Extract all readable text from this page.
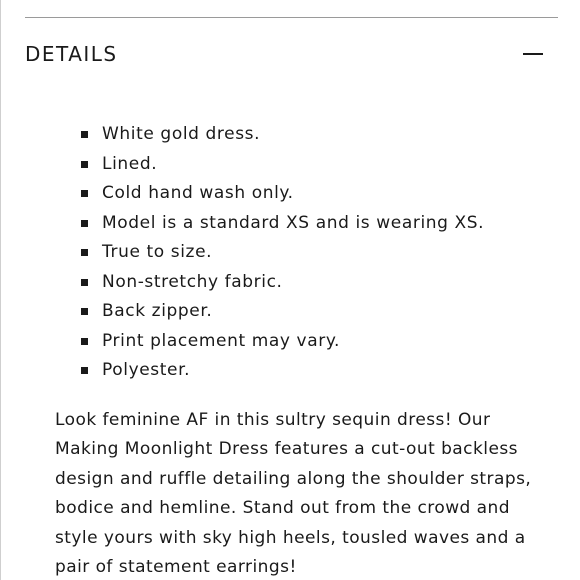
DETAILS
White gold dress.
Lined.
Cold hand wash only.
Model is a standard XS and is wearing XS.
True to size.
Non-stretchy fabric.
Back zipper.
Print placement may vary.
Polyester.

Look feminine AF in this sultry sequin dress! Our Making Moonlight Dress features a cut-out backless design and ruffle detailing along the shoulder straps, bodice and hemline. Stand out from the crowd and style yours with sky high heels, tousled waves and a pair of statement earrings!
